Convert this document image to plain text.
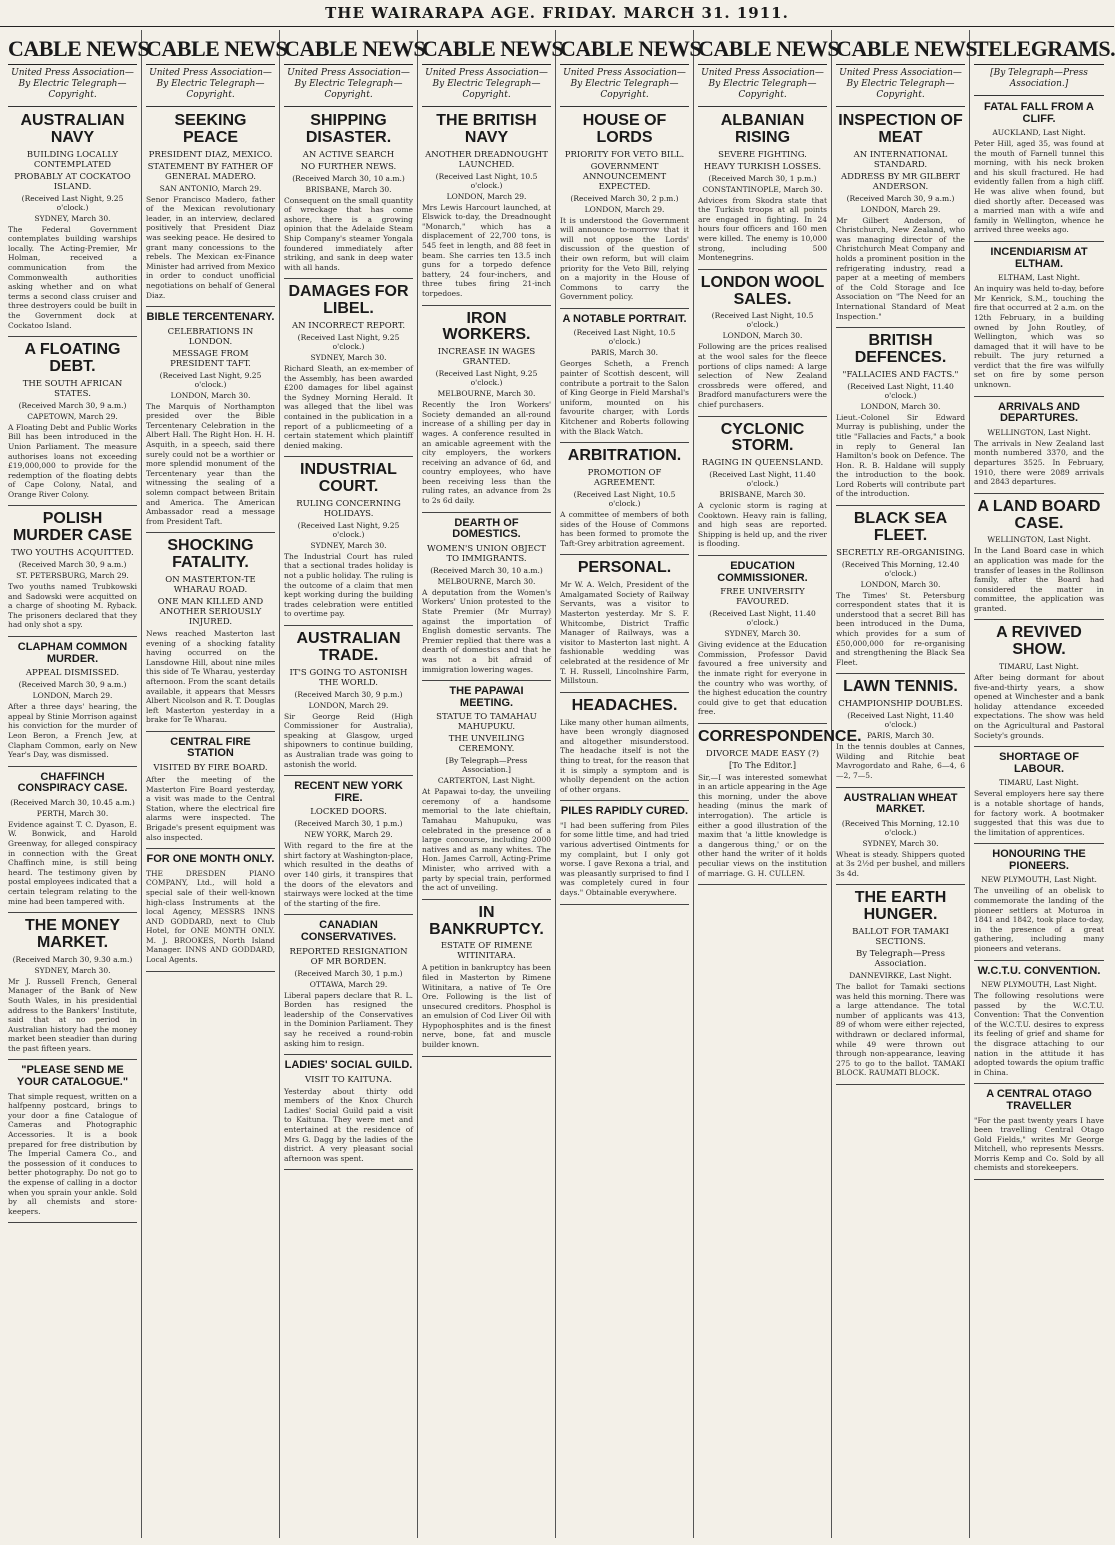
THE WAIRARAPA AGE. FRIDAY. MARCH 31. 1911.
CABLE NEWS
United Press Association—By Electric Telegraph—Copyright.
AUSTRALIAN NAVY
BUILDING LOCALLY CONTEMPLATED
PROBABLY AT COCKATOO ISLAND.
(Received Last Night, 9.25 o'clock.)
SYDNEY, March 30.
The Federal Government contemplates building warships locally. The Acting-Premier, Mr Holman, received a communication from the Commonwealth authorities asking whether and on what terms a second class cruiser and three destroyers could be built in the Government dock at Cockatoo Island.
A FLOATING DEBT.
THE SOUTH AFRICAN STATES.
(Received March 30, 9 a.m.)
CAPETOWN, March 29.
A Floating Debt and Public Works Bill has been introduced in the Union Parliament. The measure authorises loans not exceeding £19,000,000 to provide for the redemption of the floating debts of Cape Colony, Natal, and Orange River Colony.
POLISH MURDER CASE
TWO YOUTHS ACQUITTED.
(Received March 30, 9 a.m.)
ST. PETERSBURG, March 29.
Two youths named Trubkowski and Sadowski were acquitted on a charge of shooting M. Ryback. The prisoners declared that they had only shot a spy.
CLAPHAM COMMON MURDER.
APPEAL DISMISSED.
(Received March 30, 9 a.m.)
LONDON, March 29.
After a three days' hearing, the appeal by Stinie Morrison against his conviction for the murder of Leon Beron, a French Jew, at Clapham Common, early on New Year's Day, was dismissed.
CHAFFINCH CONSPIRACY CASE.
(Received March 30, 10.45 a.m.)
PERTH, March 30.
Evidence against T. C. Dyason, E. W. Bonwick, and Harold Greenway, for alleged conspiracy in connection with the Great Chaffinch mine, is still being heard. The testimony given by postal employees indicated that a certain telegram relating to the mine had been tampered with.
THE MONEY MARKET.
(Received March 30, 9.30 a.m.)
SYDNEY, March 30.
Mr J. Russell French, General Manager of the Bank of New South Wales, in his presidential address to the Bankers' Institute, said that at no period in Australian history had the money market been steadier than during the past fifteen years.
"PLEASE SEND ME YOUR CATALOGUE."
That simple request, written on a halfpenny postcard, brings to your door a fine Catalogue of Cameras and Photographic Accessories. It is a book prepared for free distribution by The Imperial Camera Co., and the possession of it conduces to better photography. Do not go to the expense of calling in a doctor when you sprain your ankle. Sold by all chemists and store-keepers.
CABLE NEWS
United Press Association—By Electric Telegraph—Copyright.
SEEKING PEACE
PRESIDENT DIAZ, MEXICO.
STATEMENT BY FATHER OF GENERAL MADERO.
SAN ANTONIO, March 29.
Senor Francisco Madero, father of the Mexican revolutionary leader, in an interview, declared positively that President Diaz was seeking peace. He desired to grant many concessions to the rebels. The Mexican ex-Finance Minister had arrived from Mexico in order to conduct unofficial negotiations on behalf of General Diaz.
BIBLE TERCENTENARY.
CELEBRATIONS IN LONDON.
MESSAGE FROM PRESIDENT TAFT.
(Received Last Night, 9.25 o'clock.)
LONDON, March 30.
The Marquis of Northampton presided over the Bible Tercentenary Celebration in the Albert Hall. The Right Hon. H. H. Asquith, in a speech, said there surely could not be a worthier or more splendid monument of the Tercentenary year than the witnessing the sealing of a solemn compact between Britain and America. The American Ambassador read a message from President Taft.
SHOCKING FATALITY.
ON MASTERTON-TE WHARAU ROAD.
ONE MAN KILLED AND ANOTHER SERIOUSLY INJURED.
News reached Masterton last evening of a shocking fatality having occurred on the Lansdowne Hill, about nine miles this side of Te Wharau, yesterday afternoon. From the scant details available, it appears that Messrs Albert Nicolson and R. T. Douglas left Masterton yesterday in a brake for Te Wharau.
CENTRAL FIRE STATION
VISITED BY FIRE BOARD.
After the meeting of the Masterton Fire Board yesterday, a visit was made to the Central Station, where the electrical fire alarms were inspected. The Brigade's present equipment was also inspected.
FOR ONE MONTH ONLY.
THE DRESDEN PIANO COMPANY, Ltd., will hold a special sale of their well-known high-class Instruments at the local Agency, MESSRS INNS AND GODDARD, next to Club Hotel, for ONE MONTH ONLY. M. J. BROOKES, North Island Manager. INNS AND GODDARD, Local Agents.
CABLE NEWS
United Press Association—By Electric Telegraph—Copyright.
SHIPPING DISASTER.
AN ACTIVE SEARCH
NO FURTHER NEWS.
(Received March 30, 10 a.m.)
BRISBANE, March 30.
Consequent on the small quantity of wreckage that has come ashore, there is a growing opinion that the Adelaide Steam Ship Company's steamer Yongala foundered immediately after striking, and sank in deep water with all hands.
DAMAGES FOR LIBEL.
AN INCORRECT REPORT.
(Received Last Night, 9.25 o'clock.)
SYDNEY, March 30.
Richard Sleath, an ex-member of the Assembly, has been awarded £200 damages for libel against the Sydney Morning Herald. It was alleged that the libel was contained in the publication in a report of a publicmeeting of a certain statement which plaintiff denied making.
INDUSTRIAL COURT.
RULING CONCERNING HOLIDAYS.
(Received Last Night, 9.25 o'clock.)
SYDNEY, March 30.
The Industrial Court has ruled that a sectional trades holiday is not a public holiday. The ruling is the outcome of a claim that men kept working during the building trades celebration were entitled to overtime pay.
AUSTRALIAN TRADE.
IT'S GOING TO ASTONISH THE WORLD.
(Received March 30, 9 p.m.)
LONDON, March 29.
Sir George Reid (High Commissioner for Australia), speaking at Glasgow, urged shipowners to continue building, as Australian trade was going to astonish the world.
RECENT NEW YORK FIRE.
LOCKED DOORS.
(Received March 30, 1 p.m.)
NEW YORK, March 29.
With regard to the fire at the shirt factory at Washington-place, which resulted in the deaths of over 140 girls, it transpires that the doors of the elevators and stairways were locked at the time of the starting of the fire.
CANADIAN CONSERVATIVES.
REPORTED RESIGNATION OF MR BORDEN.
(Received March 30, 1 p.m.)
OTTAWA, March 29.
Liberal papers declare that R. L. Borden has resigned the leadership of the Conservatives in the Dominion Parliament. They say he received a round-robin asking him to resign.
LADIES' SOCIAL GUILD.
VISIT TO KAITUNA.
Yesterday about thirty odd members of the Knox Church Ladies' Social Guild paid a visit to Kaituna. They were met and entertained at the residence of Mrs G. Dagg by the ladies of the district. A very pleasant social afternoon was spent.
CABLE NEWS
United Press Association—By Electric Telegraph—Copyright.
THE BRITISH NAVY
ANOTHER DREADNOUGHT LAUNCHED.
(Received Last Night, 10.5 o'clock.)
LONDON, March 29.
Mrs Lewis Harcourt launched, at Elswick to-day, the Dreadnought "Monarch," which has a displacement of 22,700 tons, is 545 feet in length, and 88 feet in beam. She carries ten 13.5 inch guns for a torpedo defence battery, 24 four-inchers, and three tubes firing 21-inch torpedoes.
IRON WORKERS.
INCREASE IN WAGES GRANTED.
(Received Last Night, 9.25 o'clock.)
MELBOURNE, March 30.
Recently the Iron Workers' Society demanded an all-round increase of a shilling per day in wages. A conference resulted in an amicable agreement with the city employers, the workers receiving an advance of 6d, and country employees, who have been receiving less than the ruling rates, an advance from 2s to 2s 6d daily.
DEARTH OF DOMESTICS.
WOMEN'S UNION OBJECT TO IMMIGRANTS.
(Received March 30, 10 a.m.)
MELBOURNE, March 30.
A deputation from the Women's Workers' Union protested to the State Premier (Mr Murray) against the importation of English domestic servants. The Premier replied that there was a dearth of domestics and that he was not a bit afraid of immigration lowering wages.
THE PAPAWAI MEETING.
STATUE TO TAMAHAU MAHUPUKU.
THE UNVEILING CEREMONY.
[By Telegraph—Press Association.]
CARTERTON, Last Night.
At Papawai to-day, the unveiling ceremony of a handsome memorial to the late chieftain, Tamahau Mahupuku, was celebrated in the presence of a large concourse, including 2000 natives and as many whites. The Hon. James Carroll, Acting-Prime Minister, who arrived with a party by special train, performed the act of unveiling.
IN BANKRUPTCY.
ESTATE OF RIMENE WITINITARA.
A petition in bankruptcy has been filed in Masterton by Rimene Witinitara, a native of Te Ore Ore. Following is the list of unsecured creditors. Phosphol is an emulsion of Cod Liver Oil with Hypophosphites and is the finest nerve, bone, fat and muscle builder known.
CABLE NEWS
United Press Association—By Electric Telegraph—Copyright.
HOUSE OF LORDS
PRIORITY FOR VETO BILL.
GOVERNMENT ANNOUNCEMENT EXPECTED.
(Received March 30, 2 p.m.)
LONDON, March 29.
It is understood the Government will announce to-morrow that it will not oppose the Lords' discussion of the question of their own reform, but will claim priority for the Veto Bill, relying on a majority in the House of Commons to carry the Government policy.
A NOTABLE PORTRAIT.
(Received Last Night, 10.5 o'clock.)
PARIS, March 30.
Georges Scheth, a French painter of Scottish descent, will contribute a portrait to the Salon of King George in Field Marshal's uniform, mounted on his favourite charger, with Lords Kitchener and Roberts following with the Black Watch.
ARBITRATION.
PROMOTION OF AGREEMENT.
(Received Last Night, 10.5 o'clock.)
A committee of members of both sides of the House of Commons has been formed to promote the Taft-Grey arbitration agreement.
PERSONAL.
Mr W. A. Welch, President of the Amalgamated Society of Railway Servants, was a visitor to Masterton yesterday. Mr S. F. Whitcombe, District Traffic Manager of Railways, was a visitor to Masterton last night. A fashionable wedding was celebrated at the residence of Mr T. H. Russell, Lincolnshire Farm, Millstoun.
HEADACHES.
Like many other human ailments, have been wrongly diagnosed and altogether misunderstood. The headache itself is not the thing to treat, for the reason that it is simply a symptom and is wholly dependent on the action of other organs.
PILES RAPIDLY CURED.
"I had been suffering from Piles for some little time, and had tried various advertised Ointments for my complaint, but I only got worse. I gave Rexona a trial, and was pleasantly surprised to find I was completely cured in four days." Obtainable everywhere.
CABLE NEWS
United Press Association—By Electric Telegraph—Copyright.
ALBANIAN RISING
SEVERE FIGHTING.
HEAVY TURKISH LOSSES.
(Received March 30, 1 p.m.)
CONSTANTINOPLE, March 30.
Advices from Skodra state that the Turkish troops at all points are engaged in fighting. In 24 hours four officers and 160 men were killed. The enemy is 10,000 strong, including 500 Montenegrins.
LONDON WOOL SALES.
(Received Last Night, 10.5 o'clock.)
LONDON, March 30.
Following are the prices realised at the wool sales for the fleece portions of clips named: A large selection of New Zealand crossbreds were offered, and Bradford manufacturers were the chief purchasers.
CYCLONIC STORM.
RAGING IN QUEENSLAND.
(Received Last Night, 11.40 o'clock.)
BRISBANE, March 30.
A cyclonic storm is raging at Cooktown. Heavy rain is falling, and high seas are reported. Shipping is held up, and the river is flooding.
EDUCATION COMMISSIONER.
FREE UNIVERSITY FAVOURED.
(Received Last Night, 11.40 o'clock.)
SYDNEY, March 30.
Giving evidence at the Education Commission, Professor David favoured a free university and the inmate right for everyone in the country who was worthy, of the highest education the country could give to get that education free.
CORRESPONDENCE.
DIVORCE MADE EASY (?)
[To The Editor.]
Sir,—I was interested somewhat in an article appearing in the Age this morning, under the above heading (minus the mark of interrogation). The article is either a good illustration of the maxim that 'a little knowledge is a dangerous thing,' or on the other hand the writer of it holds peculiar views on the institution of marriage. G. H. CULLEN.
CABLE NEWS
United Press Association—By Electric Telegraph—Copyright.
INSPECTION OF MEAT
AN INTERNATIONAL STANDARD.
ADDRESS BY MR GILBERT ANDERSON.
(Received March 30, 9 a.m.)
LONDON, March 29.
Mr Gilbert Anderson, of Christchurch, New Zealand, who was managing director of the Christchurch Meat Company and holds a prominent position in the refrigerating industry, read a paper at a meeting of members of the Cold Storage and Ice Association on "The Need for an International Standard of Meat Inspection."
BRITISH DEFENCES.
"FALLACIES AND FACTS."
(Received Last Night, 11.40 o'clock.)
LONDON, March 30.
Lieut.-Colonel Sir Edward Murray is publishing, under the title "Fallacies and Facts," a book in reply to General Ian Hamilton's book on Defence. The Hon. R. B. Haldane will supply the introduction to the book. Lord Roberts will contribute part of the introduction.
BLACK SEA FLEET.
SECRETLY RE-ORGANISING.
(Received This Morning, 12.40 o'clock.)
LONDON, March 30.
The Times' St. Petersburg correspondent states that it is understood that a secret Bill has been introduced in the Duma, which provides for a sum of £50,000,000 for re-organising and strengthening the Black Sea Fleet.
LAWN TENNIS.
CHAMPIONSHIP DOUBLES.
(Received Last Night, 11.40 o'clock.)
PARIS, March 30.
In the tennis doubles at Cannes, Wilding and Ritchie beat Mavrogordato and Rahe, 6—4, 6—2, 7—5.
AUSTRALIAN WHEAT MARKET.
(Received This Morning, 12.10 o'clock.)
SYDNEY, March 30.
Wheat is steady. Shippers quoted at 3s 2½d per bushel, and millers 3s 4d.
THE EARTH HUNGER.
BALLOT FOR TAMAKI SECTIONS.
By Telegraph—Press Association.
DANNEVIRKE, Last Night.
The ballot for Tamaki sections was held this morning. There was a large attendance. The total number of applicants was 413, 89 of whom were either rejected, withdrawn or declared informal, while 49 were thrown out through non-appearance, leaving 275 to go to the ballot. TAMAKI BLOCK. RAUMATI BLOCK.
TELEGRAMS.
[By Telegraph—Press Association.]
FATAL FALL FROM A CLIFF.
AUCKLAND, Last Night.
Peter Hill, aged 35, was found at the mouth of Farnell tunnel this morning, with his neck broken and his skull fractured. He had evidently fallen from a high cliff. He was alive when found, but died shortly after. Deceased was a married man with a wife and family in Wellington, whence he arrived three weeks ago.
INCENDIARISM AT ELTHAM.
ELTHAM, Last Night.
An inquiry was held to-day, before Mr Kenrick, S.M., touching the fire that occurred at 2 a.m. on the 12th February, in a building owned by John Routley, of Wellington, which was so damaged that it will have to be rebuilt. The jury returned a verdict that the fire was wilfully set on fire by some person unknown.
ARRIVALS AND DEPARTURES.
WELLINGTON, Last Night.
The arrivals in New Zealand last month numbered 3370, and the departures 3525. In February, 1910, there were 2089 arrivals and 2843 departures.
A LAND BOARD CASE.
WELLINGTON, Last Night.
In the Land Board case in which an application was made for the transfer of leases in the Rollinson family, after the Board had considered the matter in committee, the application was granted.
A REVIVED SHOW.
TIMARU, Last Night.
After being dormant for about five-and-thirty years, a show opened at Winchester and a bank holiday attendance exceeded expectations. The show was held on the Agricultural and Pastoral Society's grounds.
SHORTAGE OF LABOUR.
TIMARU, Last Night.
Several employers here say there is a notable shortage of hands, for factory work. A bootmaker suggested that this was due to the limitation of apprentices.
HONOURING THE PIONEERS.
NEW PLYMOUTH, Last Night.
The unveiling of an obelisk to commemorate the landing of the pioneer settlers at Moturoa in 1841 and 1842, took place to-day, in the presence of a great gathering, including many pioneers and veterans.
W.C.T.U. CONVENTION.
NEW PLYMOUTH, Last Night.
The following resolutions were passed by the W.C.T.U. Convention: That the Convention of the W.C.T.U. desires to express its feeling of grief and shame for the disgrace attaching to our nation in the attitude it has adopted towards the opium traffic in China.
A CENTRAL OTAGO TRAVELLER
"For the past twenty years I have been travelling Central Otago Gold Fields," writes Mr George Mitchell, who represents Messrs. Morris Kemp and Co. Sold by all chemists and storekeepers.
